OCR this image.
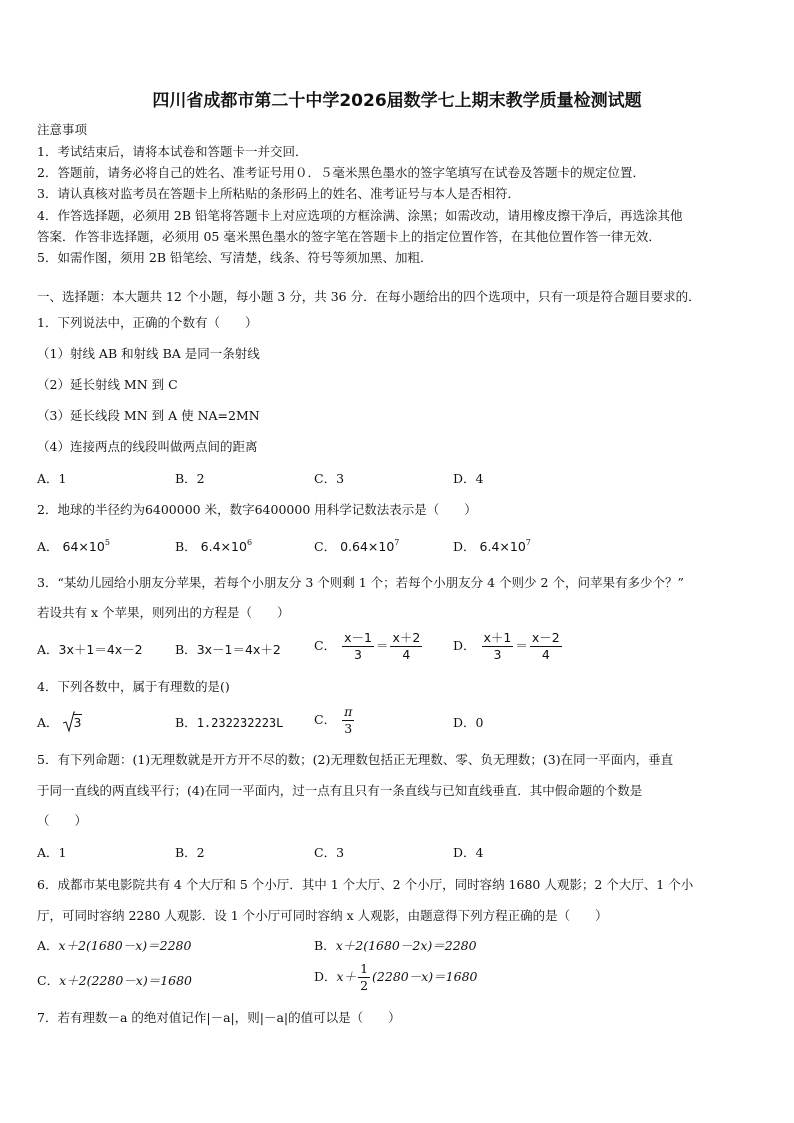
四川省成都市第二十中学2026届数学七上期末教学质量检测试题
注意事项
1．考试结束后，请将本试卷和答题卡一并交回．
2．答题前，请务必将自己的姓名、准考证号用０．５毫米黑色墨水的签字笔填写在试卷及答题卡的规定位置．
3．请认真核对监考员在答题卡上所粘贴的条形码上的姓名、准考证号与本人是否相符．
4．作答选择题，必须用 2B 铅笔将答题卡上对应选项的方框涂满、涂黑；如需改动，请用橡皮擦干净后，再选涂其他
答案．作答非选择题，必须用 05 毫米黑色墨水的签字笔在答题卡上的指定位置作答，在其他位置作答一律无效．
5．如需作图，须用 2B 铅笔绘、写清楚，线条、符号等须加黑、加粗．
一、选择题：本大题共 12 个小题，每小题 3 分，共 36 分．在每小题给出的四个选项中，只有一项是符合题目要求的．
1．下列说法中，正确的个数有（　　）
（1）射线 AB 和射线 BA 是同一条射线
（2）延长射线 MN 到 C
（3）延长线段 MN 到 A 使 NA=2MN
（4）连接两点的线段叫做两点间的距离
A．1	B．2	C．3	D．4
2．地球的半径约为6400000 米，数字6400000 用科学记数法表示是（　　）
A． $64\times 10^5$	B． $6.4\times 10^6$	C． $0.64\times 10^7$	D． $6.4\times 10^7$
3．“某幼儿园给小朋友分苹果，若每个小朋友分 3 个则剩 1 个；若每个小朋友分 4 个则少 2 个，问苹果有多少个？”
若设共有 x 个苹果，则列出的方程是（　　）
A．3x＋1＝4x－2	B．3x－1＝4x＋2	C． $\frac{x-1}{3} = \frac{x+2}{4}$ D． $\frac{x+1}{3} = \frac{x-2}{4}$
4．下列各数中，属于有理数的是()
A． 3	B．1.232232223L C． $\frac{\pi}{3}$	D．0
5．有下列命题：(1)无理数就是开方开不尽的数；(2)无理数包括正无理数、零、负无理数；(3)在同一平面内，垂直
于同一直线的两直线平行；(4)在同一平面内，过一点有且只有一条直线与已知直线垂直．其中假命题的个数是
（　　）
A．1	B．2	C．3	D．4
6．成都市某电影院共有 4 个大厅和 5 个小厅．其中 1 个大厅、2 个小厅，同时容纳 1680 人观影；2 个大厅、1 个小
厅，可同时容纳 2280 人观影．设 1 个小厅可同时容纳 x 人观影，由题意得下列方程正确的是（　　）
A．x＋2(1680－x)＝2280	B．x＋2(1680－2x)＝2280
C．x＋2(2280－x)＝1680	D．$x+ \frac{1}{2} (2280-x)=1680$
7．若有理数－a 的绝对值记作|－a|，则|－a|的值可以是（　　）
